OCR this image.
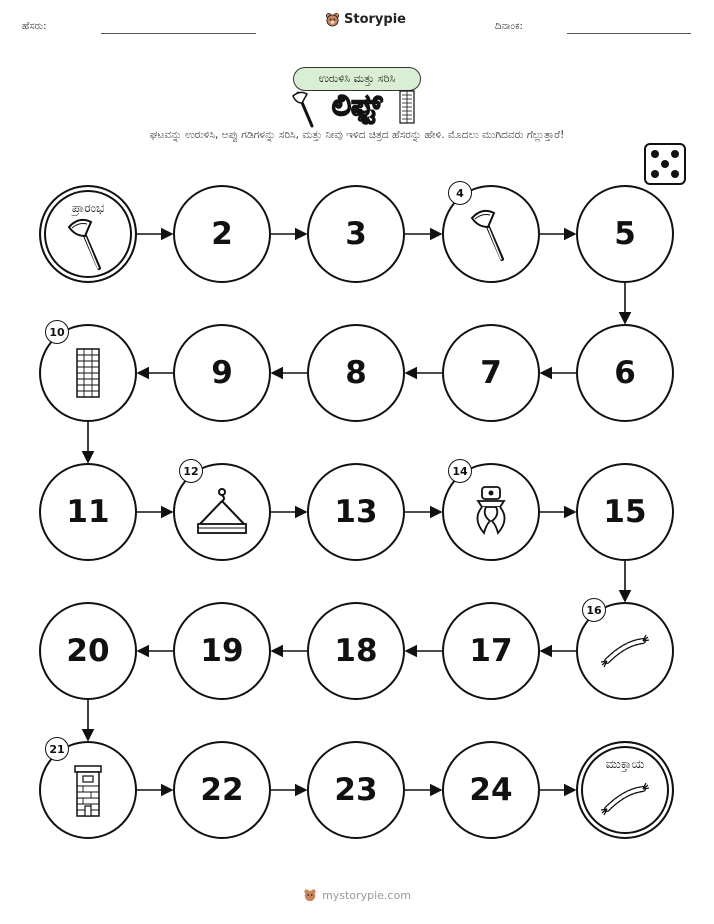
ಹೆಸರು:	Storypie	ದಿನಾಂಕ:
ಉರುಳಿಸಿ ಮತ್ತು ಸರಿಸಿ
ಲಿಫ್ಟ್
ಘಟವನ್ನು ಉರುಳಿಸಿ, ಅಪ್ಪು ಗಡಿಗಳನ್ನು ಸರಿಸಿ, ಮತ್ತು ನೀವು ಇಳಿದ ಚಿತ್ರದ ಹೆಸರನ್ನು ಹೇಳಿ. ಮೊದಲು ಮುಗಿದವರು ಗೆಲ್ಲುತ್ತಾರೆ!
ಪ್ರಾರಂಭ
2	3
4
5
6
7
8
9
10
11
12
13
14
15
16
17
18
19
20
21
22	23	24
ಮುಕ್ತಾಯ
mystorypie.com
